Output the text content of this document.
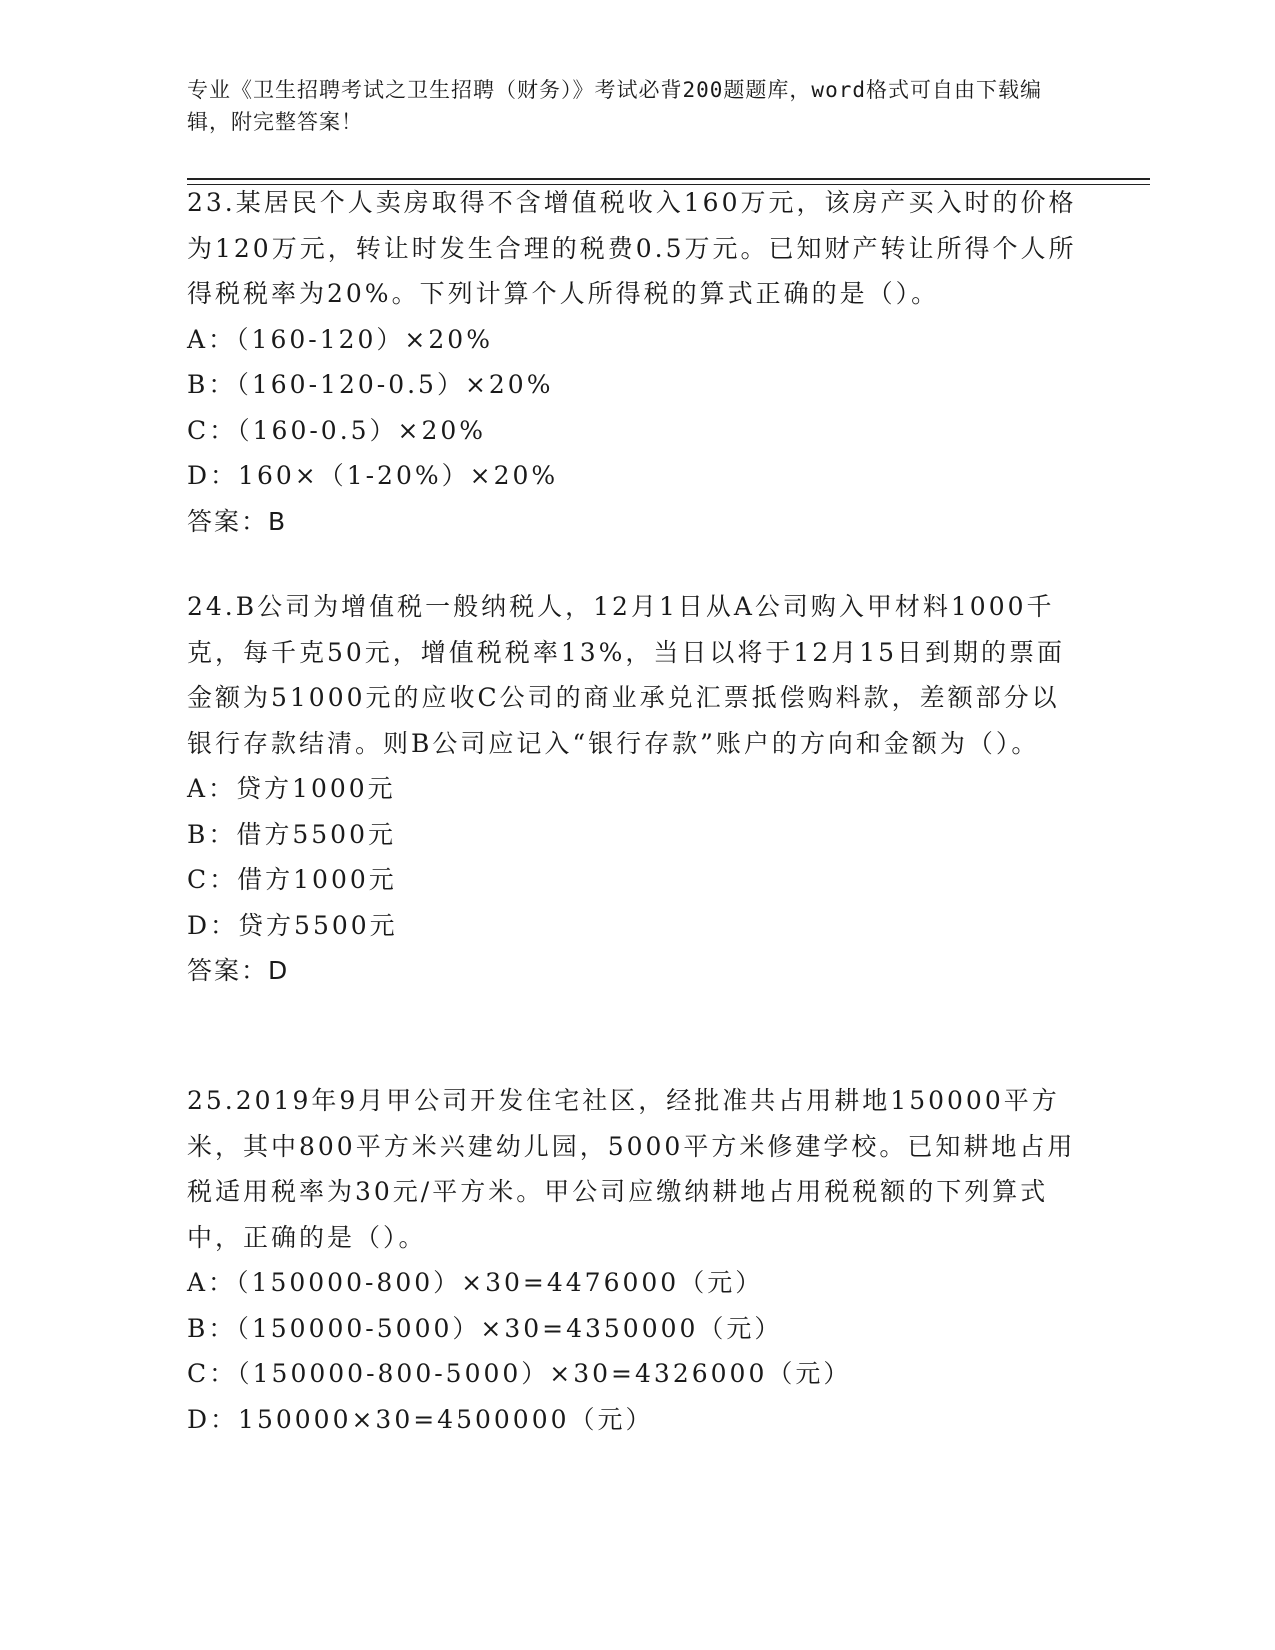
专业《卫生招聘考试之卫生招聘（财务）》考试必背200题题库，word格式可自由下载编辑，附完整答案！

23.某居民个人卖房取得不含增值税收入160万元，该房产买入时的价格为120万元，转让时发生合理的税费0.5万元。已知财产转让所得个人所得税税率为20%。下列计算个人所得税的算式正确的是（）。

A：（160-120）×20%

B：（160-120-0.5）×20%

C：（160-0.5）×20%

D：160×（1-20%）×20%

答案：B

24.B公司为增值税一般纳税人，12月1日从A公司购入甲材料1000千克，每千克50元，增值税税率13%，当日以将于12月15日到期的票面金额为51000元的应收C公司的商业承兑汇票抵偿购料款，差额部分以银行存款结清。则B公司应记入“银行存款”账户的方向和金额为（）。

A：贷方1000元

B：借方5500元

C：借方1000元

D：贷方5500元

答案：D

25.2019年9月甲公司开发住宅社区，经批准共占用耕地150000平方米，其中800平方米兴建幼儿园，5000平方米修建学校。已知耕地占用税适用税率为30元/平方米。甲公司应缴纳耕地占用税税额的下列算式中，正确的是（）。

A：（150000-800）×30=4476000（元）

B：（150000-5000）×30=4350000（元）

C：（150000-800-5000）×30=4326000（元）

D：150000×30=4500000（元）
